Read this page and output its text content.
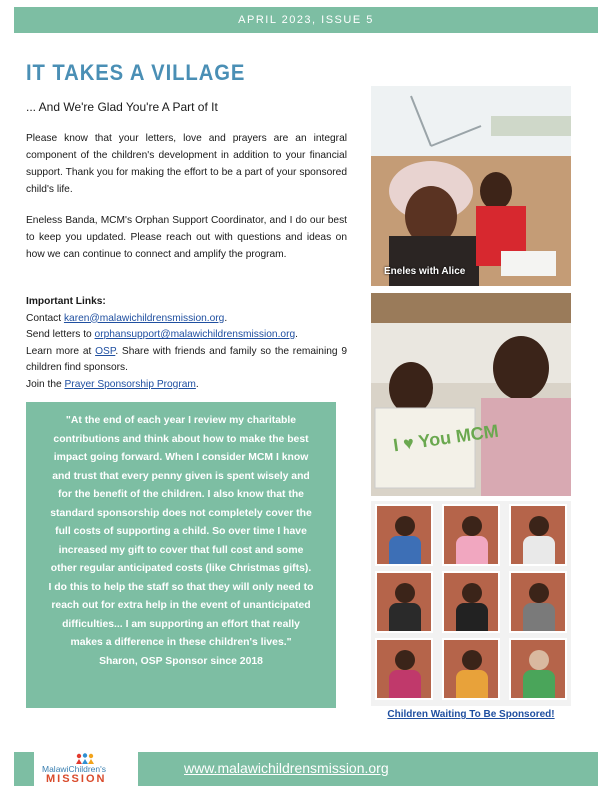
APRIL 2023, ISSUE 5
IT TAKES A VILLAGE
... And We're Glad You're A Part of It
Please know that your letters, love and prayers are an integral component of the children's development in addition to your financial support. Thank you for making the effort to be a part of your sponsored child's life.
Eneless Banda, MCM's Orphan Support Coordinator, and I do our best to keep you updated. Please reach out with questions and ideas on how we can continue to connect and amplify the program.
Important Links:
Contact karen@malawichildrensmission.org.
Send letters to orphansupport@malawichildrensmission.org.
Learn more at OSP. Share with friends and family so the remaining 9 children find sponsors.
Join the Prayer Sponsorship Program.
"At the end of each year I review my charitable contributions and think about how to make the best impact going forward. When I consider MCM I know and trust that every penny given is spent wisely and for the benefit of the children. I also know that the standard sponsorship does not completely cover the full costs of supporting a child. So over time I have increased my gift to cover that full cost and some other regular anticipated costs (like Christmas gifts). I do this to help the staff so that they will only need to reach out for extra help in the event of unanticipated difficulties... I am supporting an effort that really makes a difference in these children's lives."
Sharon, OSP Sponsor since 2018
Eneles with Alice
I ♥ You MCM
Children Waiting To Be Sponsored!
MalawiChildren's
MISSION
www.malawichildrensmission.org
